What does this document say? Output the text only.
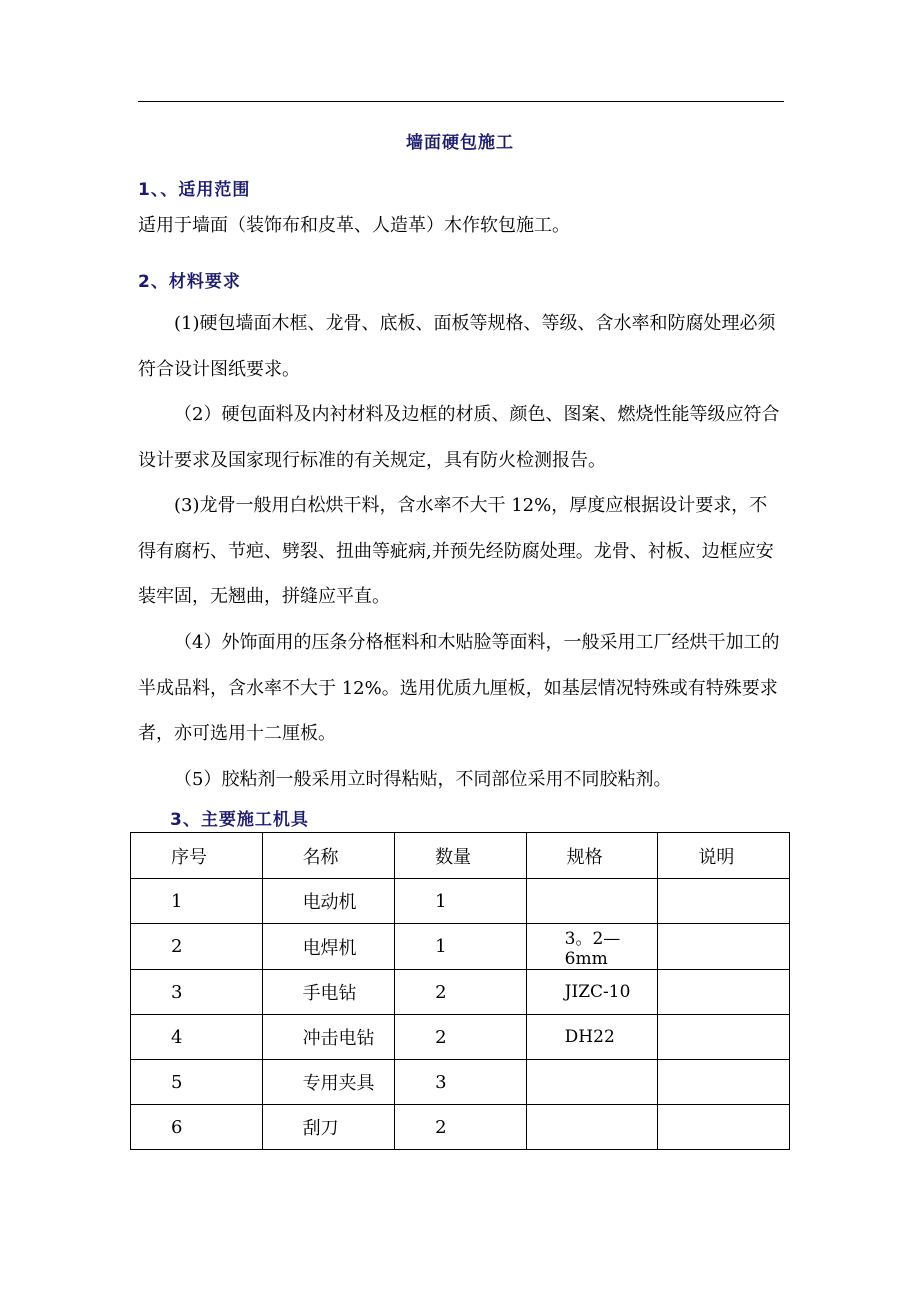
墙面硬包施工
1、、适用范围
适用于墙面（装饰布和皮革、人造革）木作软包施工。
2、材料要求
(1)硬包墙面木框、龙骨、底板、面板等规格、等级、含水率和防腐处理必须符合设计图纸要求。
（2）硬包面料及内衬材料及边框的材质、颜色、图案、燃烧性能等级应符合设计要求及国家现行标准的有关规定，具有防火检测报告。
(3)龙骨一般用白松烘干料，含水率不大干 12%，厚度应根据设计要求，不得有腐朽、节疤、劈裂、扭曲等疵病,并预先经防腐处理。龙骨、衬板、边框应安装牢固，无翘曲，拼缝应平直。
（4）外饰面用的压条分格框料和木贴脸等面料，一般采用工厂经烘干加工的半成品料，含水率不大于 12%。选用优质九厘板，如基层情况特殊或有特殊要求者，亦可选用十二厘板。
（5）胶粘剂一般采用立时得粘贴，不同部位采用不同胶粘剂。
3、主要施工机具
序号	名称	数量	规格	说明
1	电动机	1		
2	电焊机	1	3。2—6mm	
3	手电钻	2	JIZC-10	
4	冲击电钻	2	DH22	
5	专用夹具	3		
6	刮刀	2		
